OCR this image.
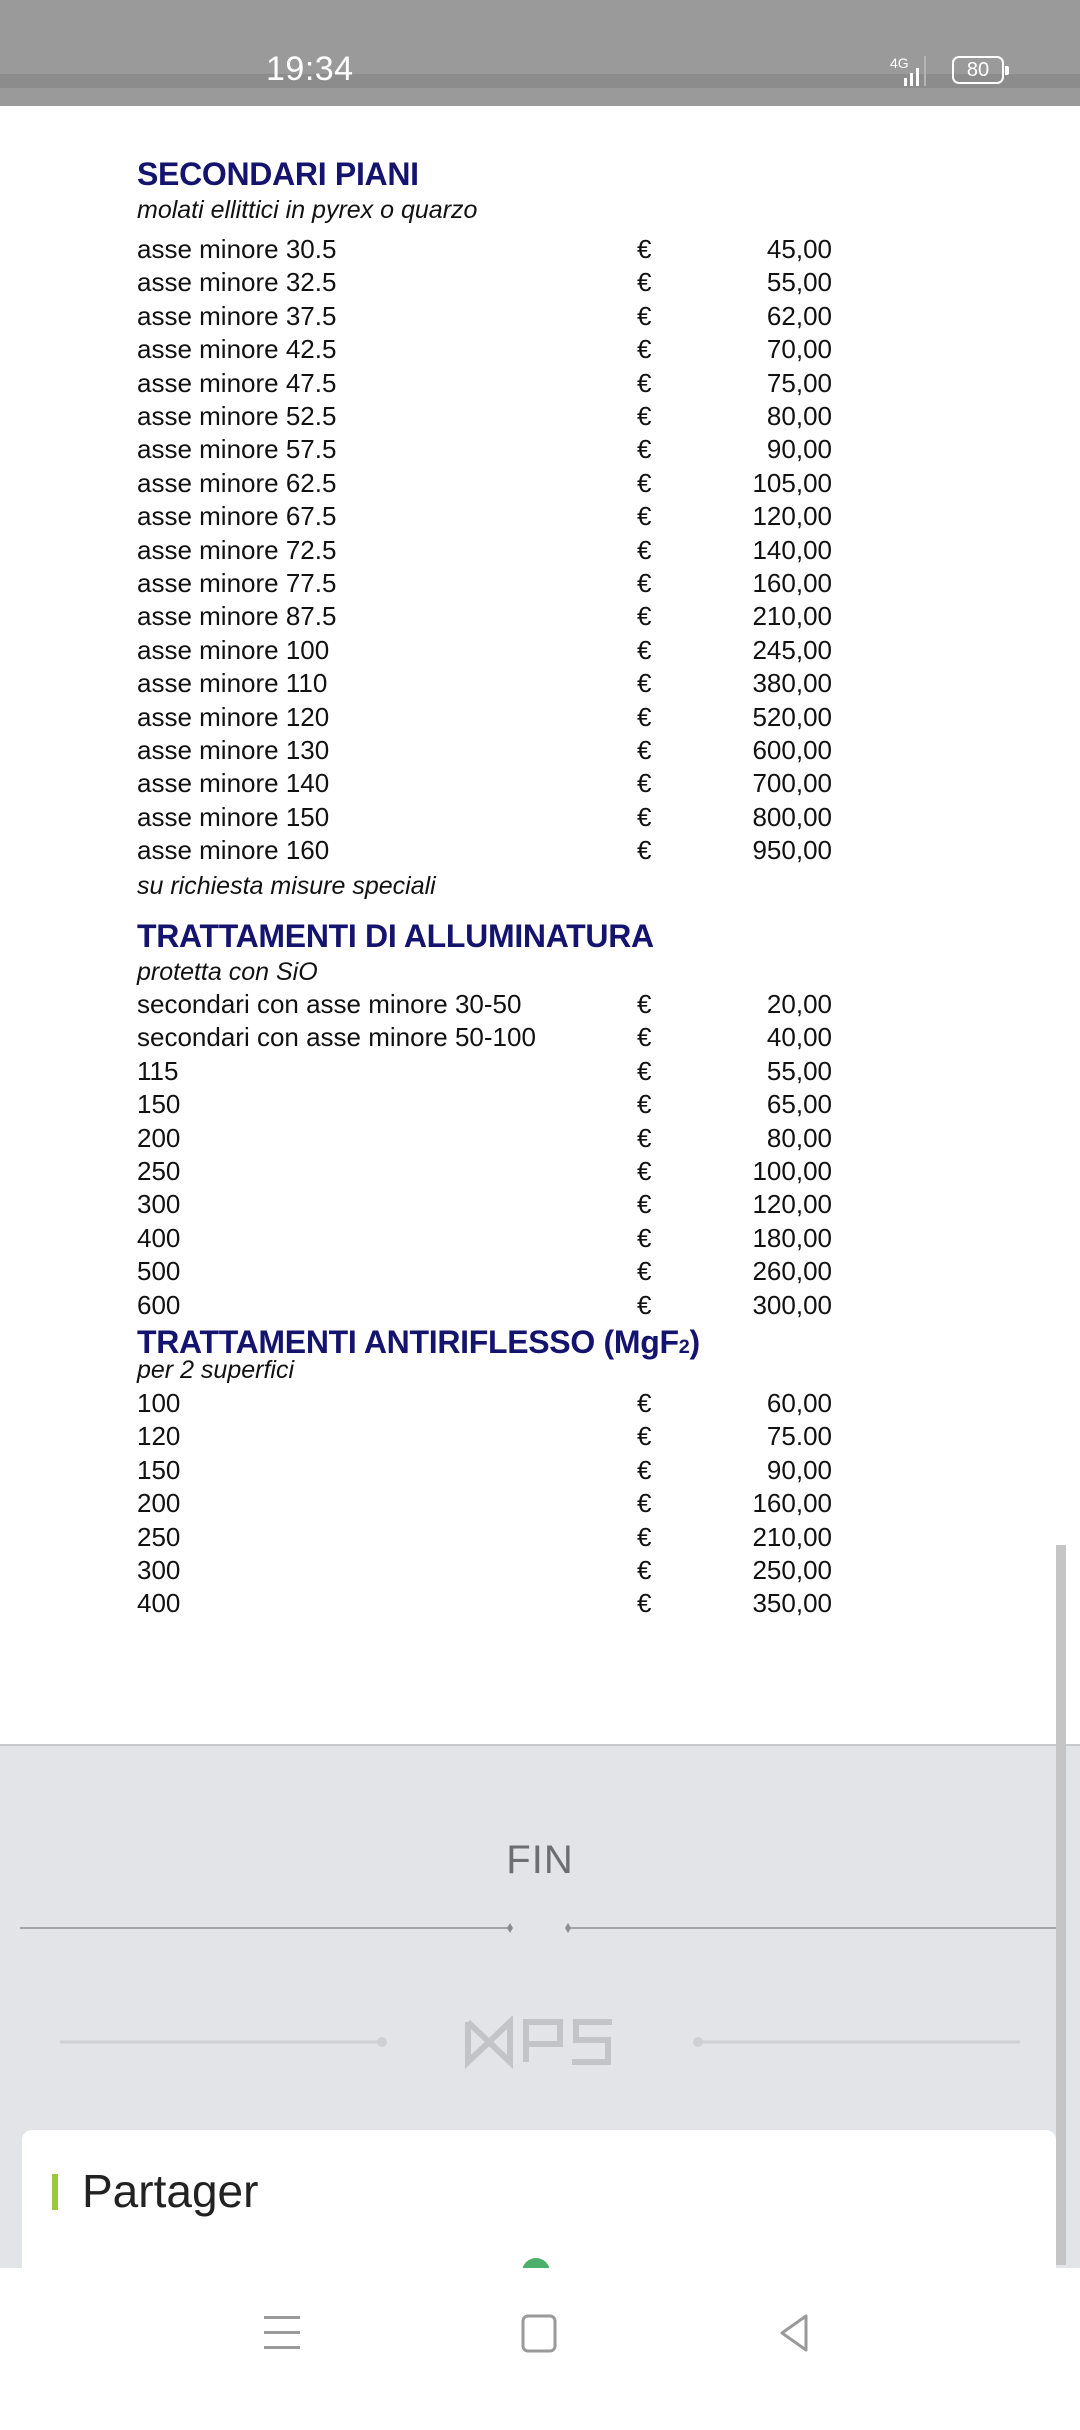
19:34	4G	80
SECONDARI PIANI
molati ellittici in pyrex o quarzo
asse minore 30.5	€	45,00
asse minore 32.5	€	55,00
asse minore 37.5	€	62,00
asse minore 42.5	€	70,00
asse minore 47.5	€	75,00
asse minore 52.5	€	80,00
asse minore 57.5	€	90,00
asse minore 62.5	€	105,00
asse minore 67.5	€	120,00
asse minore 72.5	€	140,00
asse minore 77.5	€	160,00
asse minore 87.5	€	210,00
asse minore 100	€	245,00
asse minore 110	€	380,00
asse minore 120	€	520,00
asse minore 130	€	600,00
asse minore 140	€	700,00
asse minore 150	€	800,00
asse minore 160	€	950,00
su richiesta misure speciali
TRATTAMENTI DI ALLUMINATURA
protetta con SiO
secondari con asse minore 30-50	€	20,00
secondari con asse minore 50-100	€	40,00
115	€	55,00
150	€	65,00
200	€	80,00
250	€	100,00
300	€	120,00
400	€	180,00
500	€	260,00
600	€	300,00
TRATTAMENTI ANTIRIFLESSO (MgF2)
per 2 superfici
100	€	60,00
120	€	75.00
150	€	90,00
200	€	160,00
250	€	210,00
300	€	250,00
400	€	350,00
FIN
Partager
